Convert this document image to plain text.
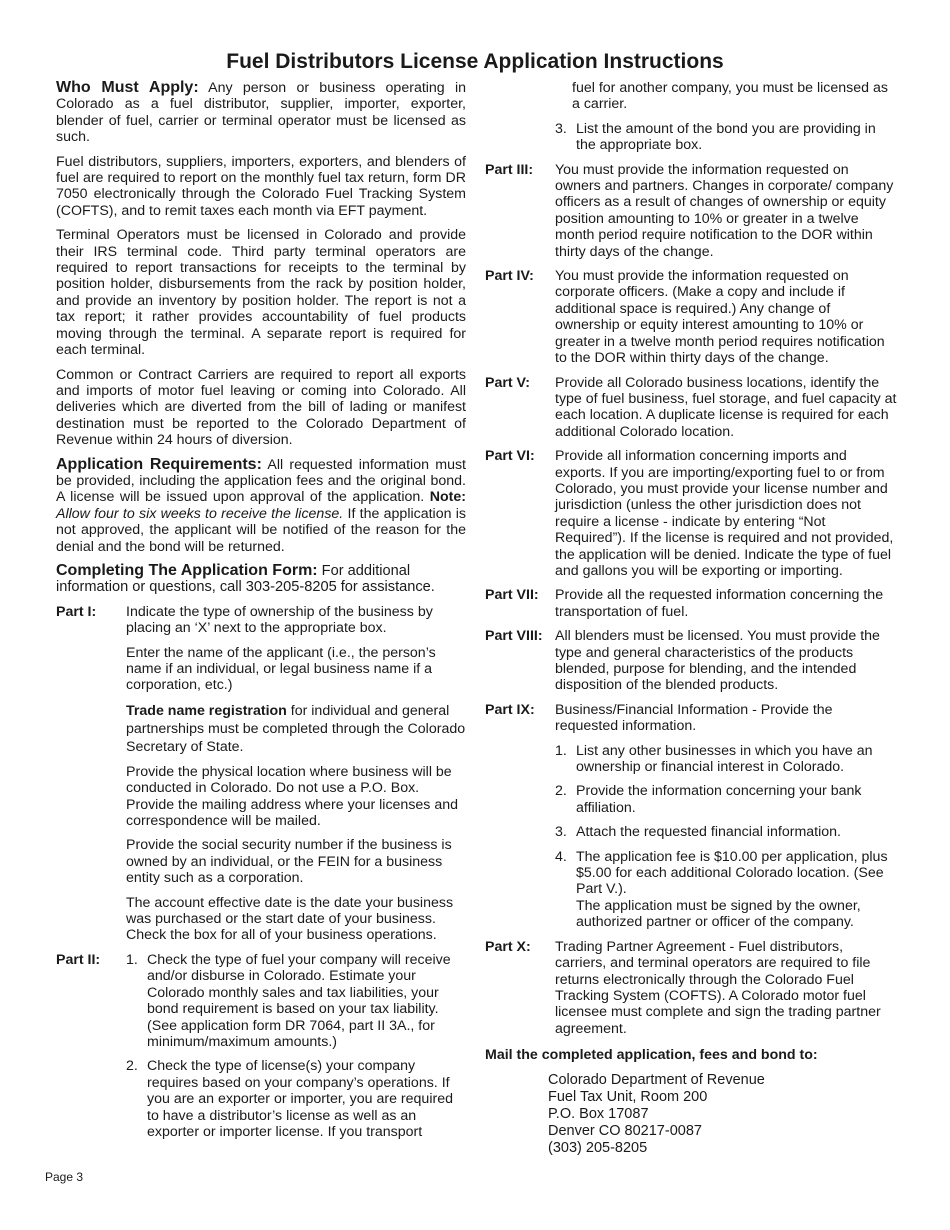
Fuel Distributors License Application Instructions

Who Must Apply: Any person or business operating in Colorado as a fuel distributor, supplier, importer, exporter, blender of fuel, carrier or terminal operator must be licensed as such.

Fuel distributors, suppliers, importers, exporters, and blenders of fuel are required to report on the monthly fuel tax return, form DR 7050 electronically through the Colorado Fuel Tracking System (COFTS), and to remit taxes each month via EFT payment.

Terminal Operators must be licensed in Colorado and provide their IRS terminal code. Third party terminal operators are required to report transactions for receipts to the terminal by position holder, disbursements from the rack by position holder, and provide an inventory by position holder. The report is not a tax report; it rather provides accountability of fuel products moving through the terminal. A separate report is required for each terminal.

Common or Contract Carriers are required to report all exports and imports of motor fuel leaving or coming into Colorado. All deliveries which are diverted from the bill of lading or manifest destination must be reported to the Colorado Department of Revenue within 24 hours of diversion.

Application Requirements: All requested information must be provided, including the application fees and the original bond. A license will be issued upon approval of the application. Note: Allow four to six weeks to receive the license. If the application is not approved, the applicant will be notified of the reason for the denial and the bond will be returned.

Completing The Application Form: For additional information or questions, call 303-205-8205 for assistance.

Part I:	Indicate the type of ownership of the business by placing an ‘X’ next to the appropriate box.

Enter the name of the applicant (i.e., the person’s name if an individual, or legal business name if a corporation, etc.)

Trade name registration for individual and general partnerships must be completed through the Colorado Secretary of State.

Provide the physical location where business will be conducted in Colorado. Do not use a P.O. Box. Provide the mailing address where your licenses and correspondence will be mailed.

Provide the social security number if the business is owned by an individual, or the FEIN for a business entity such as a corporation.

The account effective date is the date your business was purchased or the start date of your business. Check the box for all of your business operations.

Part II:	1. Check the type of fuel your company will receive and/or disburse in Colorado. Estimate your Colorado monthly sales and tax liabilities, your bond requirement is based on your tax liability. (See application form DR 7064, part II 3A., for minimum/maximum amounts.)
2. Check the type of license(s) your company requires based on your company’s operations. If you are an exporter or importer, you are required to have a distributor’s license as well as an exporter or importer license. If you transport

fuel for another company, you must be licensed as a carrier.

3. List the amount of the bond you are providing in the appropriate box.
Part III:	You must provide the information requested on owners and partners. Changes in corporate/ company officers as a result of changes of ownership or equity position amounting to 10% or greater in a twelve month period require notification to the DOR within thirty days of the change.
Part IV:	You must provide the information requested on corporate officers. (Make a copy and include if additional space is required.) Any change of ownership or equity interest amounting to 10% or greater in a twelve month period requires notification to the DOR within thirty days of the change.
Part V:	Provide all Colorado business locations, identify the type of fuel business, fuel storage, and fuel capacity at each location. A duplicate license is required for each additional Colorado location.
Part VI:	Provide all information concerning imports and exports. If you are importing/exporting fuel to or from Colorado, you must provide your license number and jurisdiction (unless the other jurisdiction does not require a license - indicate by entering “Not Required”). If the license is required and not provided, the application will be denied. Indicate the type of fuel and gallons you will be exporting or importing.
Part VII:	Provide all the requested information concerning the transportation of fuel.
Part VIII: All blenders must be licensed. You must provide the type and general characteristics of the products blended, purpose for blending, and the intended disposition of the blended products.
Part IX:	Business/Financial Information - Provide the requested information.

1. List any other businesses in which you have an ownership or financial interest in Colorado.
2. Provide the information concerning your bank affiliation.
3. Attach the requested financial information.
4. The application fee is $10.00 per application, plus $5.00 for each additional Colorado location. (See Part V.).
The application must be signed by the owner, authorized partner or officer of the company.
Part X:	Trading Partner Agreement - Fuel distributors, carriers, and terminal operators are required to file returns electronically through the Colorado Fuel Tracking System (COFTS). A Colorado motor fuel licensee must complete and sign the trading partner agreement.

Mail the completed application, fees and bond to:

Colorado Department of Revenue
Fuel Tax Unit, Room 200
P.O. Box 17087
Denver CO 80217-0087
(303) 205-8205
Page 3
